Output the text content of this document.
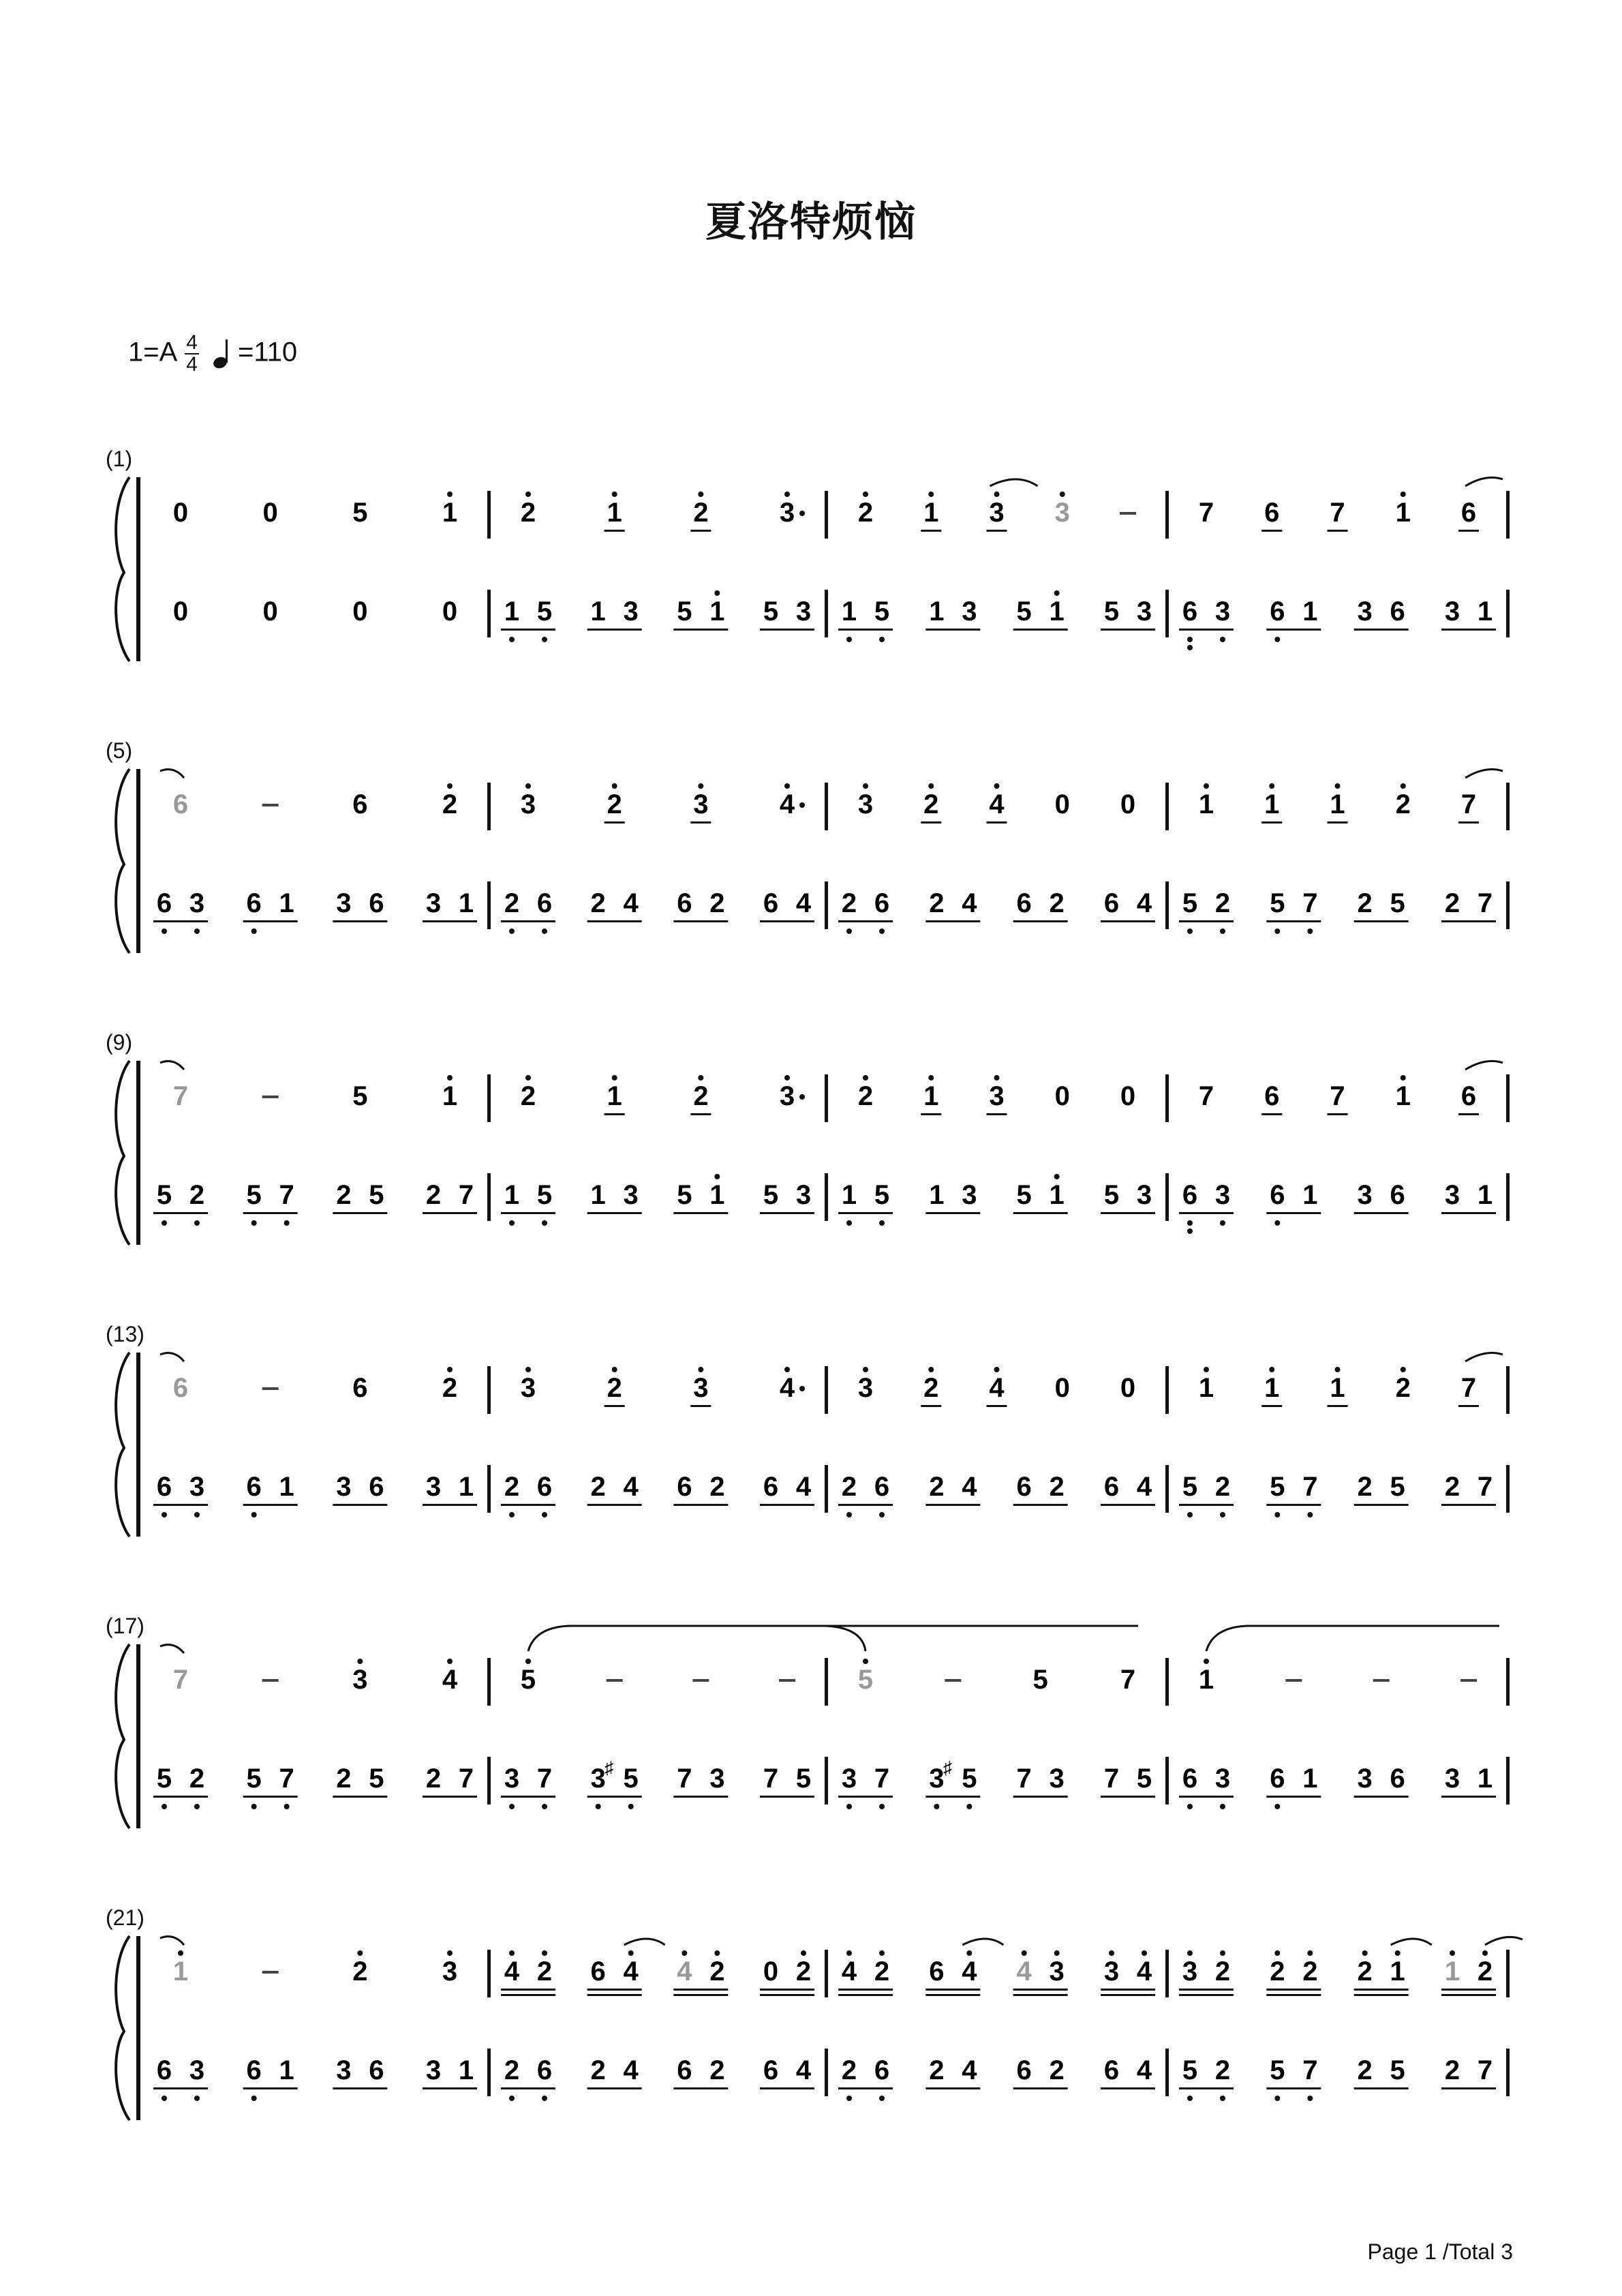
夏洛特烦恼
$1=A \frac{4}{4} =110$
0	0	5	1 2	1	2	3 2 1 3 3	7 6 7 1 6
0	0	0	0 1 5 1 3 5 1 5 3 1 5 1 3 5 1 5 3 6 3 6 1 3 6 3 1
6	6	2 3	2	3	4 3 2 4 0 0 1 1 1 2 7
6 3 6 1 3 6 3 1 2 6 2 4 6 2 6 4 2 6 2 4 6 2 6 4 5 2 5 7 2 5 2 7
7	5	1 2	1	2	3 2 1 3 0 0 7 6 7 1 6
5 2 5 7 2 5 2 7 1 5 1 3 5 1 5 3 1 5 1 3 5 1 5 3 6 3 6 1 3 6 3 1
6	6	2 3	2	3	4 3 2 4 0 0 1 1 1 2 7
6 3 6 1 3 6 3 1 2 6 2 4 6 2 6 4 2 6 2 4 6 2 6 4 5 2 5 7 2 5 2 7
7	3	4 5	5	5	7 1
5 2 5 7 2 5 2 7 3 7	♯
3 5 7 3 7 5 3 7	♯
3 5 7 3 7 5 6 3 6 1 3 6 3 1
1	2	3 4 2 6 4 4 2 0 2 4 2 6 4 4 3 3 4 3 2 2 2 2 1 1 2
6 3 6 1 3 6 3 1 2 6 2 4 6 2 6 4 2 6 2 4 6 2 6 4 5 2 5 7 2 5 2 7
Page 1 /Total 3
(1)
(5)
(9)
(13)
(17)
(21)
